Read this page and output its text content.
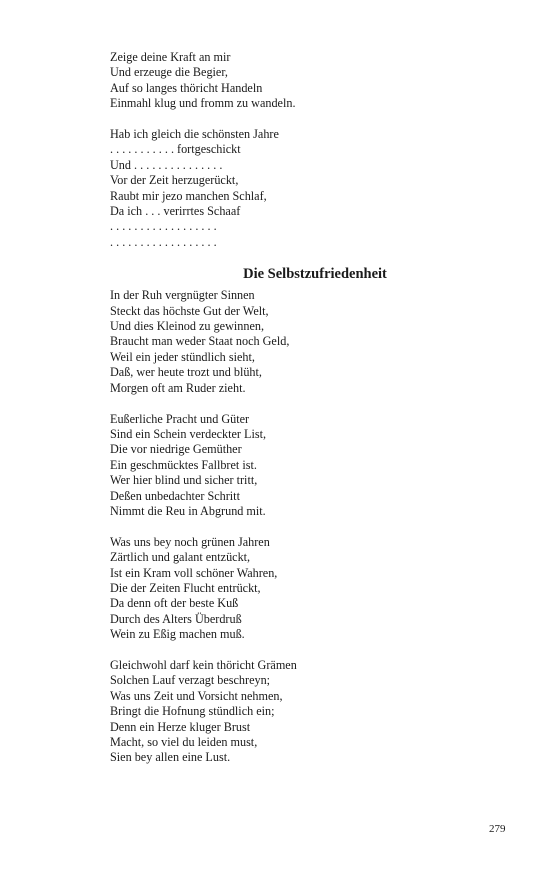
Zeige deine Kraft an mir
Und erzeuge die Begier,
Auf so langes thöricht Handeln
Einmahl klug und fromm zu wandeln.
Hab ich gleich die schönsten Jahre
. . . . . . . . . . . fortgeschickt
Und . . . . . . . . . . . . . . .
Vor der Zeit herzugerückt,
Raubt mir jezo manchen Schlaf,
Da ich . . . verirrtes Schaaf
. . . . . . . . . . . . . . . . . .
. . . . . . . . . . . . . . . . . .
Die Selbstzufriedenheit
In der Ruh vergnügter Sinnen
Steckt das höchste Gut der Welt,
Und dies Kleinod zu gewinnen,
Braucht man weder Staat noch Geld,
Weil ein jeder stündlich sieht,
Daß, wer heute trozt und blüht,
Morgen oft am Ruder zieht.
Eußerliche Pracht und Güter
Sind ein Schein verdeckter List,
Die vor niedrige Gemüther
Ein geschmücktes Fallbret ist.
Wer hier blind und sicher tritt,
Deßen unbedachter Schritt
Nimmt die Reu in Abgrund mit.
Was uns bey noch grünen Jahren
Zärtlich und galant entzückt,
Ist ein Kram voll schöner Wahren,
Die der Zeiten Flucht entrückt,
Da denn oft der beste Kuß
Durch des Alters Überdruß
Wein zu Eßig machen muß.
Gleichwohl darf kein thöricht Grämen
Solchen Lauf verzagt beschreyn;
Was uns Zeit und Vorsicht nehmen,
Bringt die Hofnung stündlich ein;
Denn ein Herze kluger Brust
Macht, so viel du leiden must,
Sien bey allen eine Lust.
279
